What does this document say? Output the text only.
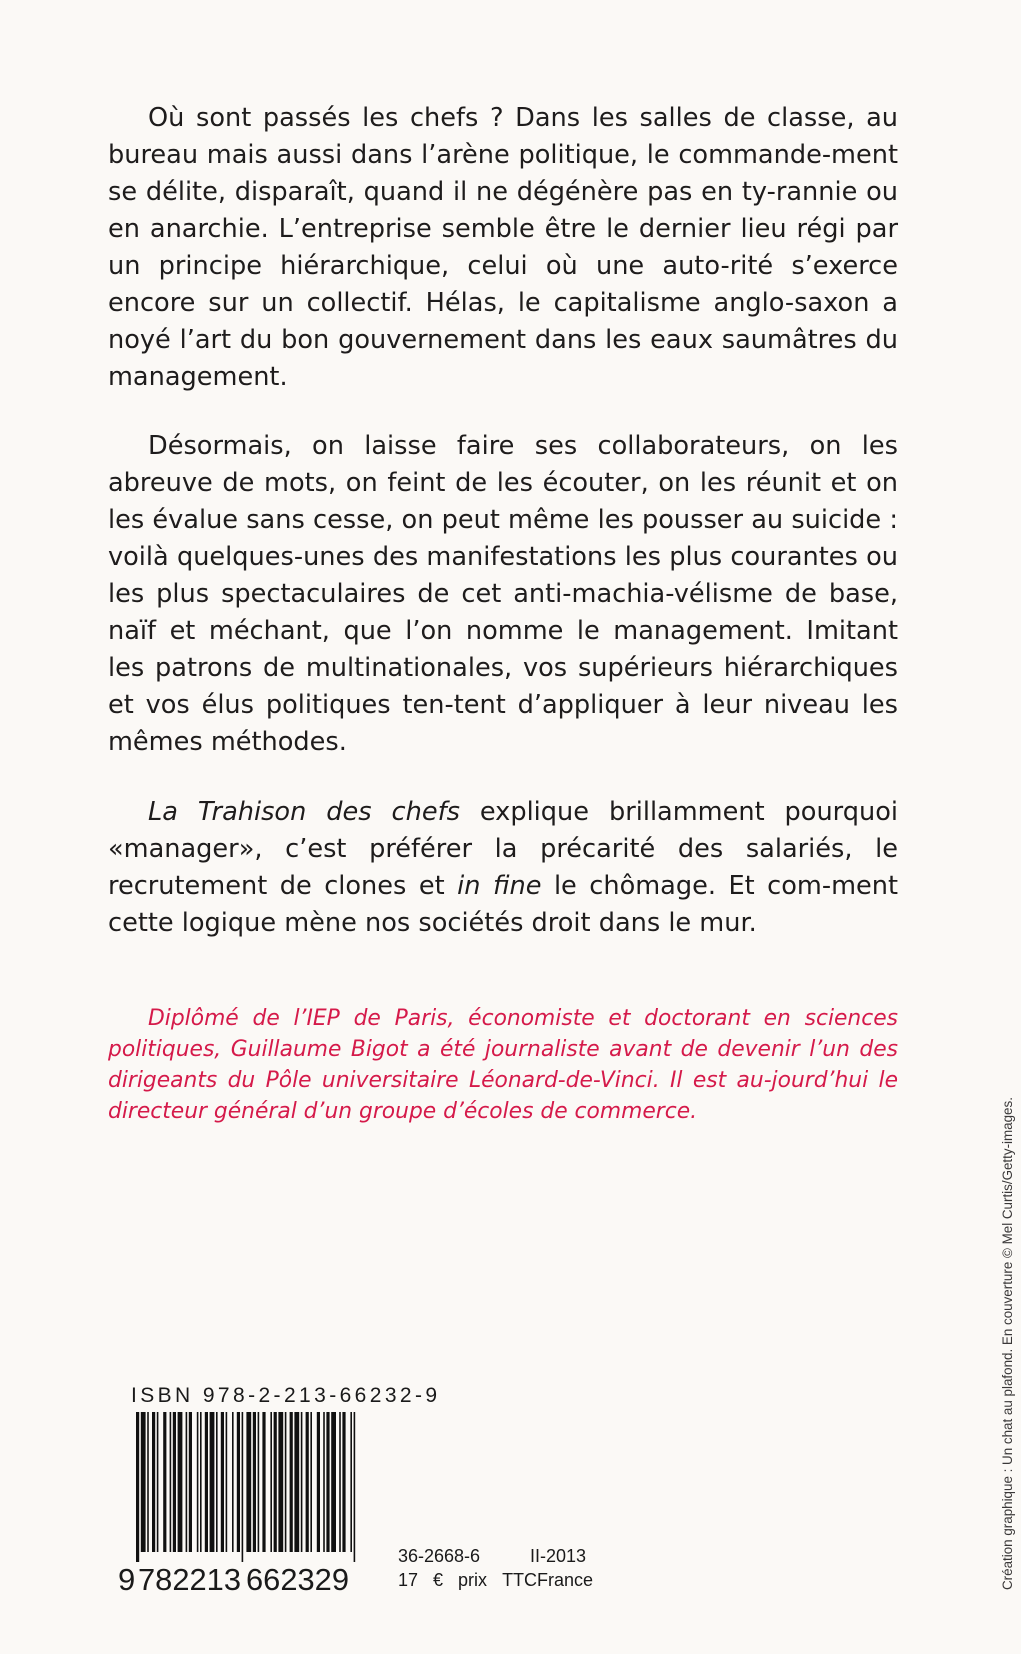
Où sont passés les chefs ? Dans les salles de classe, au bureau mais aussi dans l’arène politique, le commande-ment se délite, disparaît, quand il ne dégénère pas en ty-rannie ou en anarchie. L’entreprise semble être le dernier lieu régi par un principe hiérarchique, celui où une auto-rité s’exerce encore sur un collectif. Hélas, le capitalisme anglo-saxon a noyé l’art du bon gouvernement dans les eaux saumâtres du management.

Désormais, on laisse faire ses collaborateurs, on les abreuve de mots, on feint de les écouter, on les réunit et on les évalue sans cesse, on peut même les pousser au suicide : voilà quelques-unes des manifestations les plus courantes ou les plus spectaculaires de cet anti-machia-vélisme de base, naïf et méchant, que l’on nomme le management. Imitant les patrons de multinationales, vos supérieurs hiérarchiques et vos élus politiques ten-tent d’appliquer à leur niveau les mêmes méthodes.

La Trahison des chefs explique brillamment pourquoi «manager», c’est préférer la précarité des salariés, le recrutement de clones et in fine le chômage. Et com-ment cette logique mène nos sociétés droit dans le mur.

Diplômé de l’IEP de Paris, économiste et doctorant en sciences politiques, Guillaume Bigot a été journaliste avant de devenir l’un des dirigeants du Pôle universitaire Léonard-de-Vinci. Il est au-jourd’hui le directeur général d’un groupe d’écoles de commerce.	Création graphique : Un chat au plafond. En couverture © Mel Curtis/Getty-images.
ISBN 978-2-213-66232-9
9 782213 662329
36-2668-6	II-2013
17 € prix TTC France
